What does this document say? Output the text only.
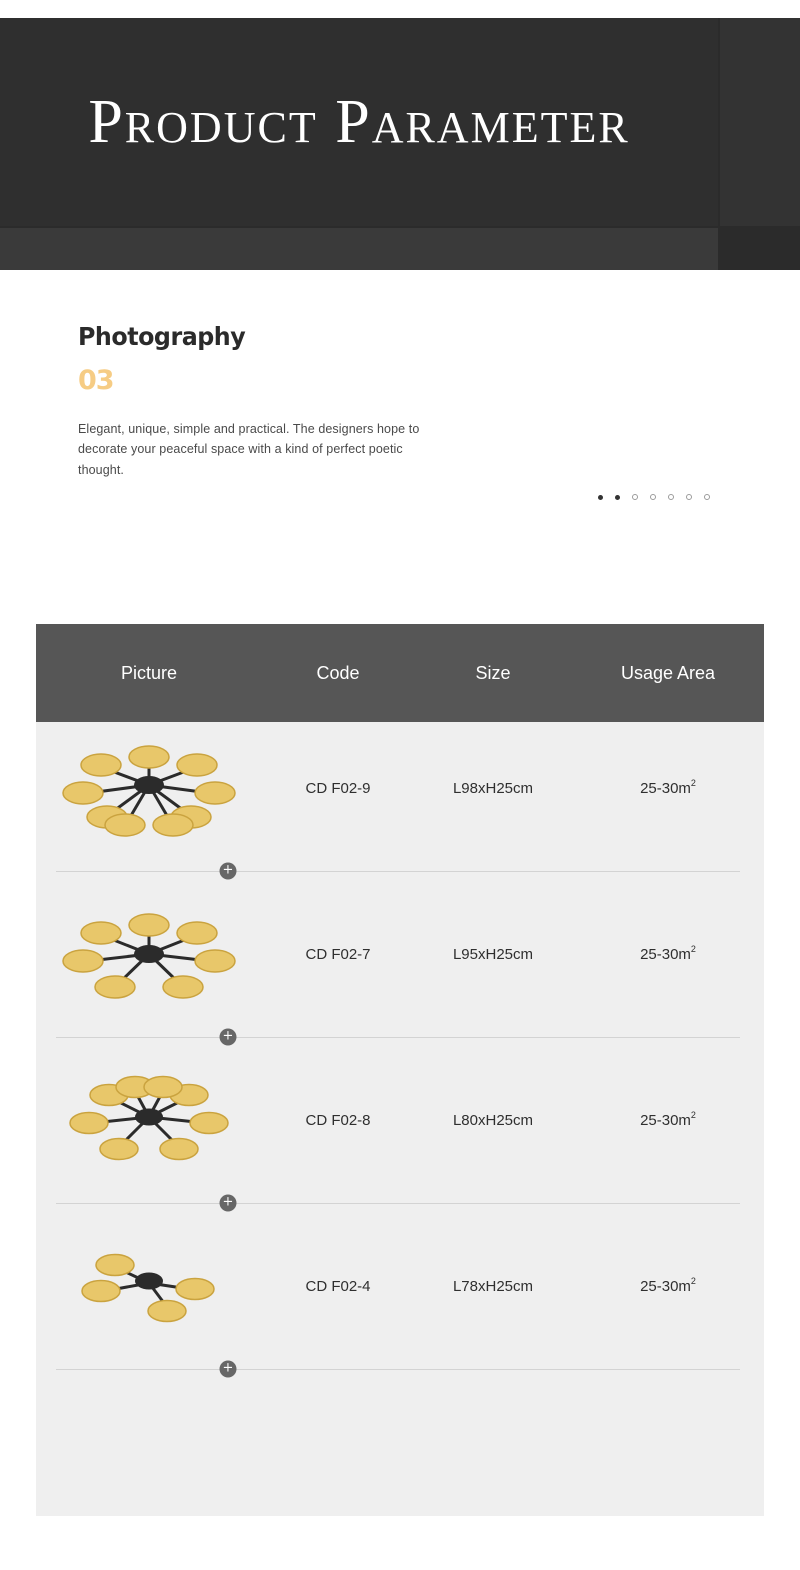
PRODUCT PARAMETER
Photography
03
Elegant, unique, simple and practical. The designers hope to decorate your peaceful space with a kind of perfect poetic thought.
Picture	Code	Size	Usage Area
CD F02-9	L98xH25cm	25-30m 2
+
CD F02-7	L95xH25cm	25-30m 2
+
CD F02-8	L80xH25cm	25-30m 2
+
CD F02-4	L78xH25cm	25-30m 2
+
